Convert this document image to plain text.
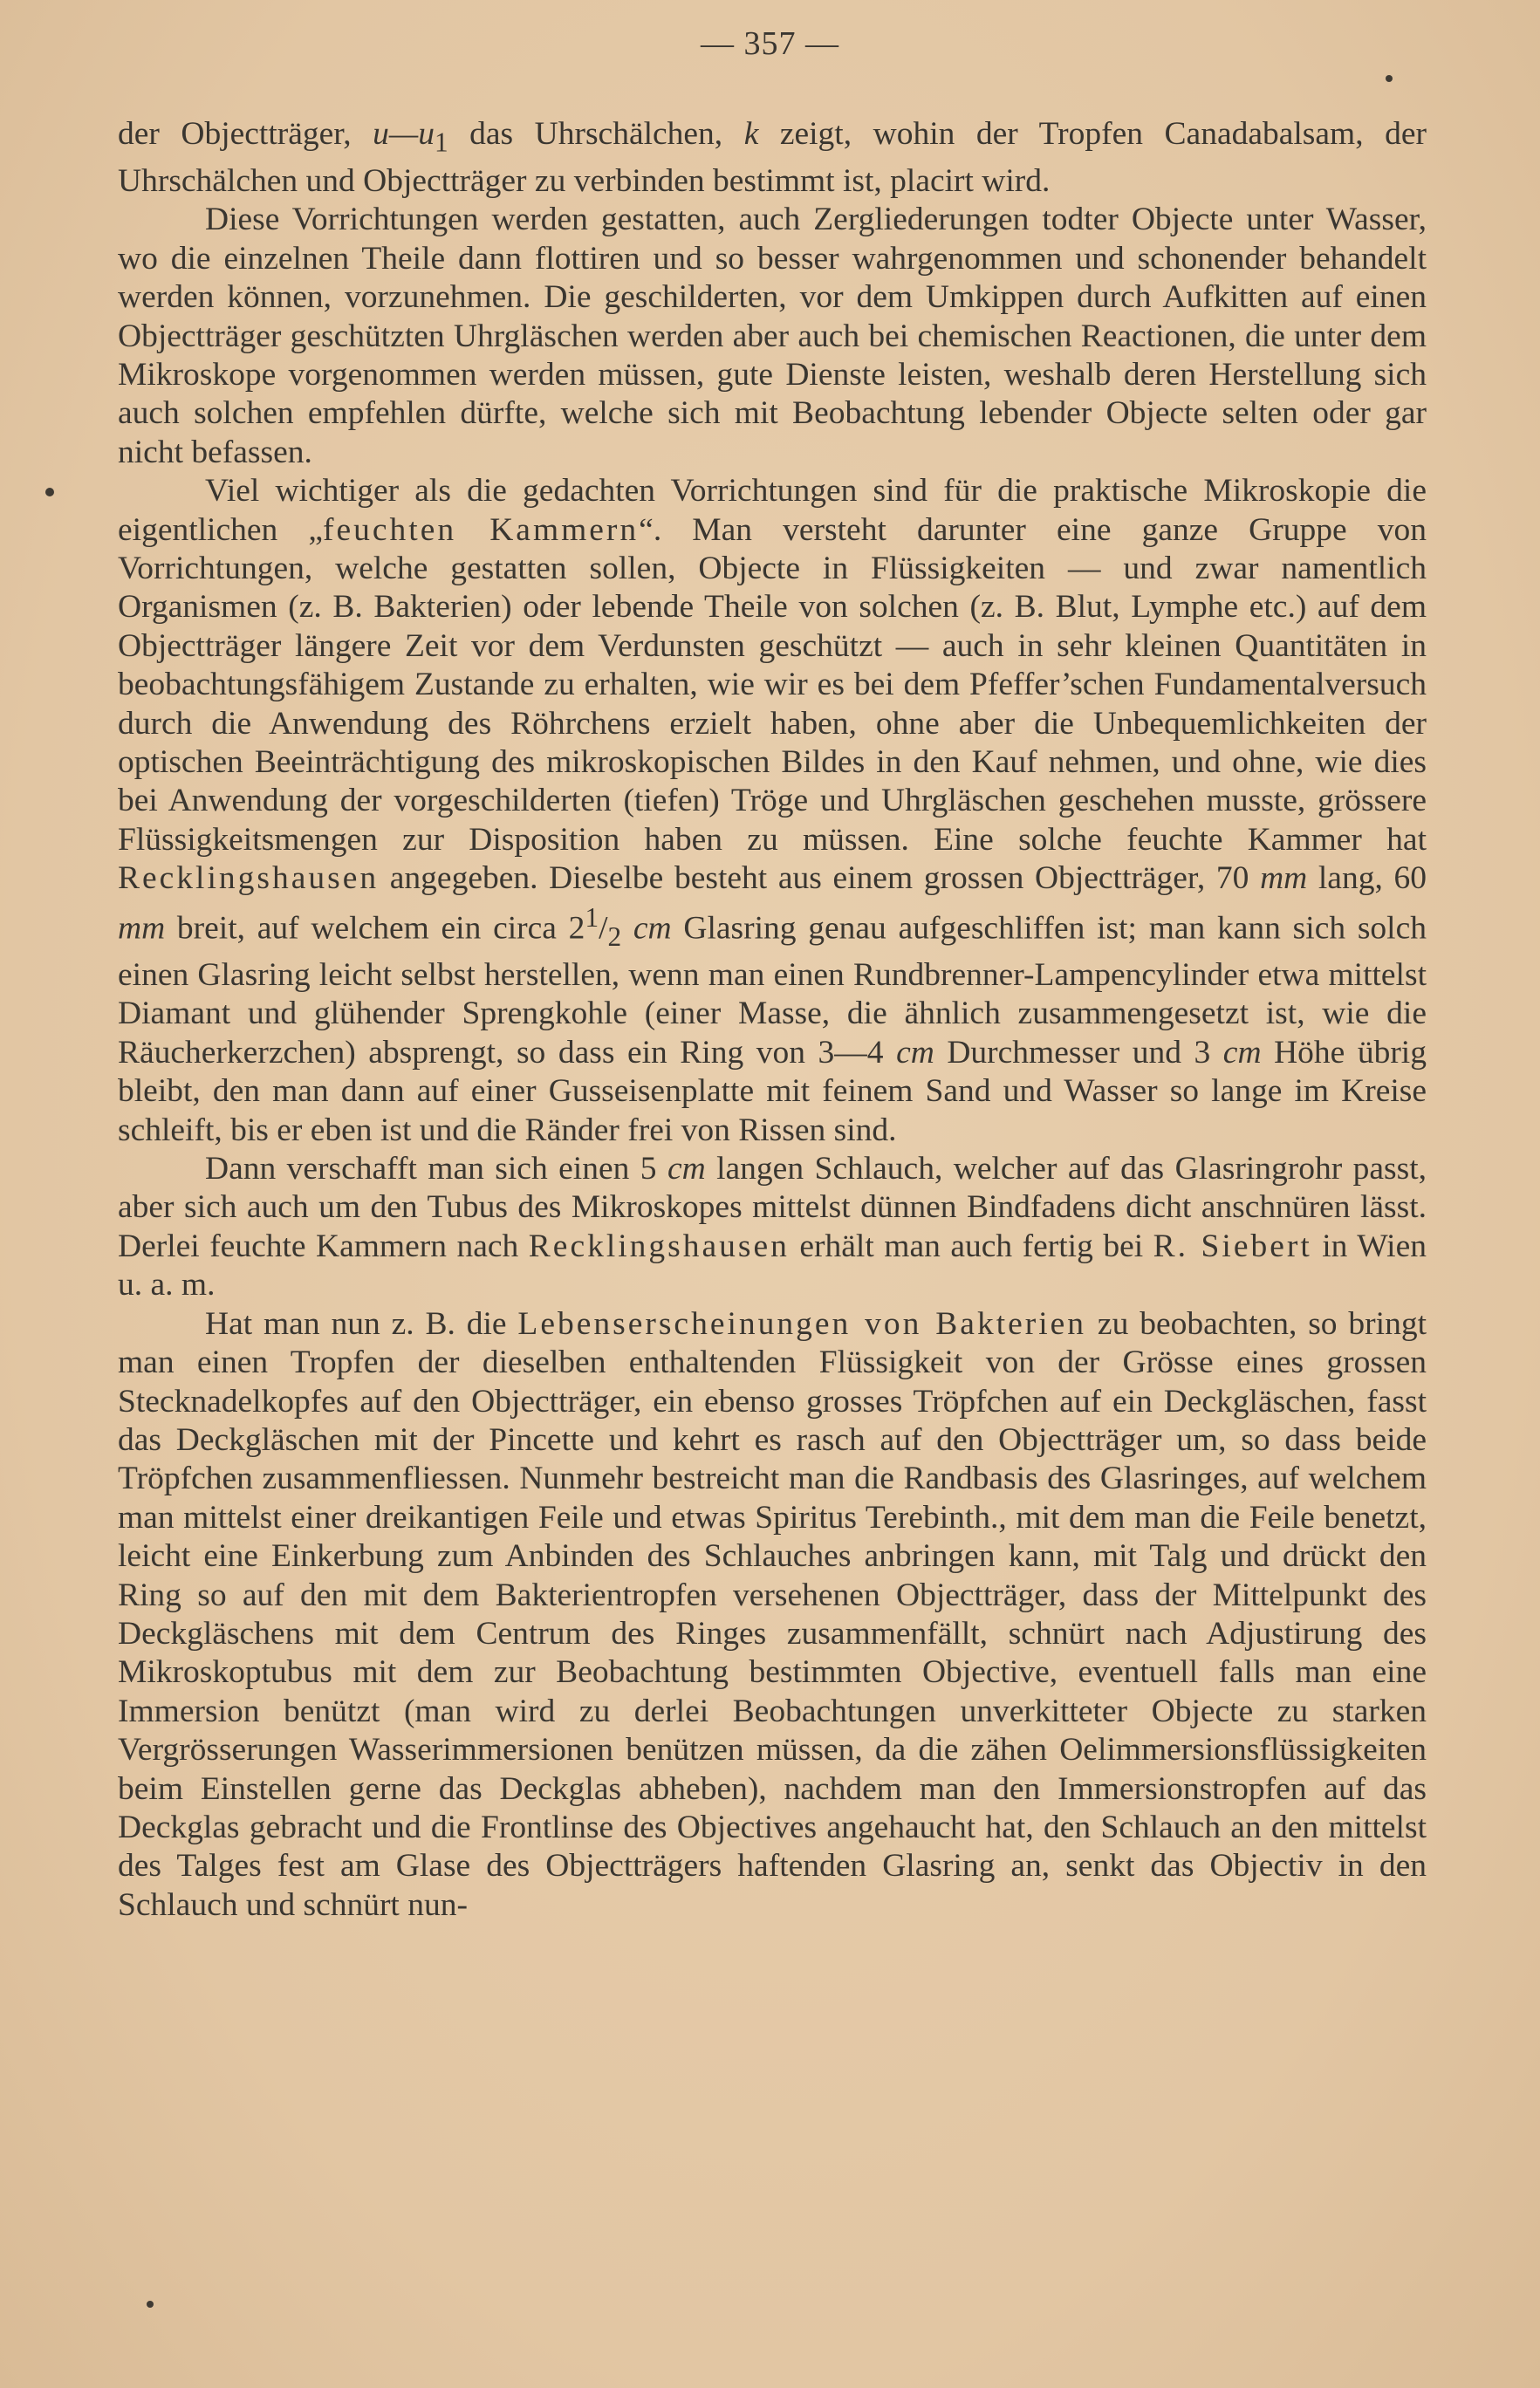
— 357 —

der Objectträger, $u—u_1$ das Uhrschälchen, k zeigt, wohin der Tropfen Canadabalsam, der Uhrschälchen und Objectträger zu verbinden bestimmt ist, placirt wird.

Diese Vorrichtungen werden gestatten, auch Zergliederungen todter Objecte unter Wasser, wo die einzelnen Theile dann flottiren und so besser wahrgenommen und schonender behandelt werden können, vorzunehmen. Die geschilderten, vor dem Umkippen durch Aufkitten auf einen Objectträger geschützten Uhrgläschen werden aber auch bei chemischen Reactionen, die unter dem Mikroskope vorgenommen werden müssen, gute Dienste leisten, weshalb deren Herstellung sich auch solchen empfehlen dürfte, welche sich mit Beobachtung lebender Objecte selten oder gar nicht befassen.

Viel wichtiger als die gedachten Vorrichtungen sind für die praktische Mikroskopie die eigentlichen „feuchten Kammern“. Man versteht darunter eine ganze Gruppe von Vorrichtungen, welche gestatten sollen, Objecte in Flüssigkeiten — und zwar namentlich Organismen (z. B. Bakterien) oder lebende Theile von solchen (z. B. Blut, Lymphe etc.) auf dem Objectträger längere Zeit vor dem Verdunsten geschützt — auch in sehr kleinen Quantitäten in beobachtungsfähigem Zustande zu erhalten, wie wir es bei dem Pfeffer’schen Fundamentalversuch durch die Anwendung des Röhrchens erzielt haben, ohne aber die Unbequemlichkeiten der optischen Beeinträchtigung des mikroskopischen Bildes in den Kauf nehmen, und ohne, wie dies bei Anwendung der vorgeschilderten (tiefen) Tröge und Uhrgläschen geschehen musste, grössere Flüssigkeitsmengen zur Disposition haben zu müssen. Eine solche feuchte Kammer hat Recklingshausen angegeben. Dieselbe besteht aus einem grossen Objectträger, 70 mm lang, 60 mm breit, auf welchem ein circa $2^1/_2$ cm Glasring genau aufgeschliffen ist; man kann sich solch einen Glasring leicht selbst herstellen, wenn man einen Rundbrenner-Lampencylinder etwa mittelst Diamant und glühender Sprengkohle (einer Masse, die ähnlich zusammengesetzt ist, wie die Räucherkerzchen) absprengt, so dass ein Ring von 3—4 cm Durchmesser und 3 cm Höhe übrig bleibt, den man dann auf einer Gusseisenplatte mit feinem Sand und Wasser so lange im Kreise schleift, bis er eben ist und die Ränder frei von Rissen sind.

Dann verschafft man sich einen 5 cm langen Schlauch, welcher auf das Glasringrohr passt, aber sich auch um den Tubus des Mikroskopes mittelst dünnen Bindfadens dicht anschnüren lässt. Derlei feuchte Kammern nach Recklingshausen erhält man auch fertig bei R. Siebert in Wien u. a. m.

Hat man nun z. B. die Lebenserscheinungen von Bakterien zu beobachten, so bringt man einen Tropfen der dieselben enthaltenden Flüssigkeit von der Grösse eines grossen Stecknadelkopfes auf den Objectträger, ein ebenso grosses Tröpfchen auf ein Deckgläschen, fasst das Deckgläschen mit der Pincette und kehrt es rasch auf den Objectträger um, so dass beide Tröpfchen zusammenfliessen. Nunmehr bestreicht man die Randbasis des Glasringes, auf welchem man mittelst einer dreikantigen Feile und etwas Spiritus Terebinth., mit dem man die Feile benetzt, leicht eine Einkerbung zum Anbinden des Schlauches anbringen kann, mit Talg und drückt den Ring so auf den mit dem Bakterientropfen versehenen Objectträger, dass der Mittelpunkt des Deckgläschens mit dem Centrum des Ringes zusammenfällt, schnürt nach Adjustirung des Mikroskoptubus mit dem zur Beobachtung bestimmten Objective, eventuell falls man eine Immersion benützt (man wird zu derlei Beobachtungen unverkitteter Objecte zu starken Vergrösserungen Wasserimmersionen benützen müssen, da die zähen Oelimmersionsflüssigkeiten beim Einstellen gerne das Deckglas abheben), nachdem man den Immersionstropfen auf das Deckglas gebracht und die Frontlinse des Objectives angehaucht hat, den Schlauch an den mittelst des Talges fest am Glase des Objectträgers haftenden Glasring an, senkt das Objectiv in den Schlauch und schnürt nun-
